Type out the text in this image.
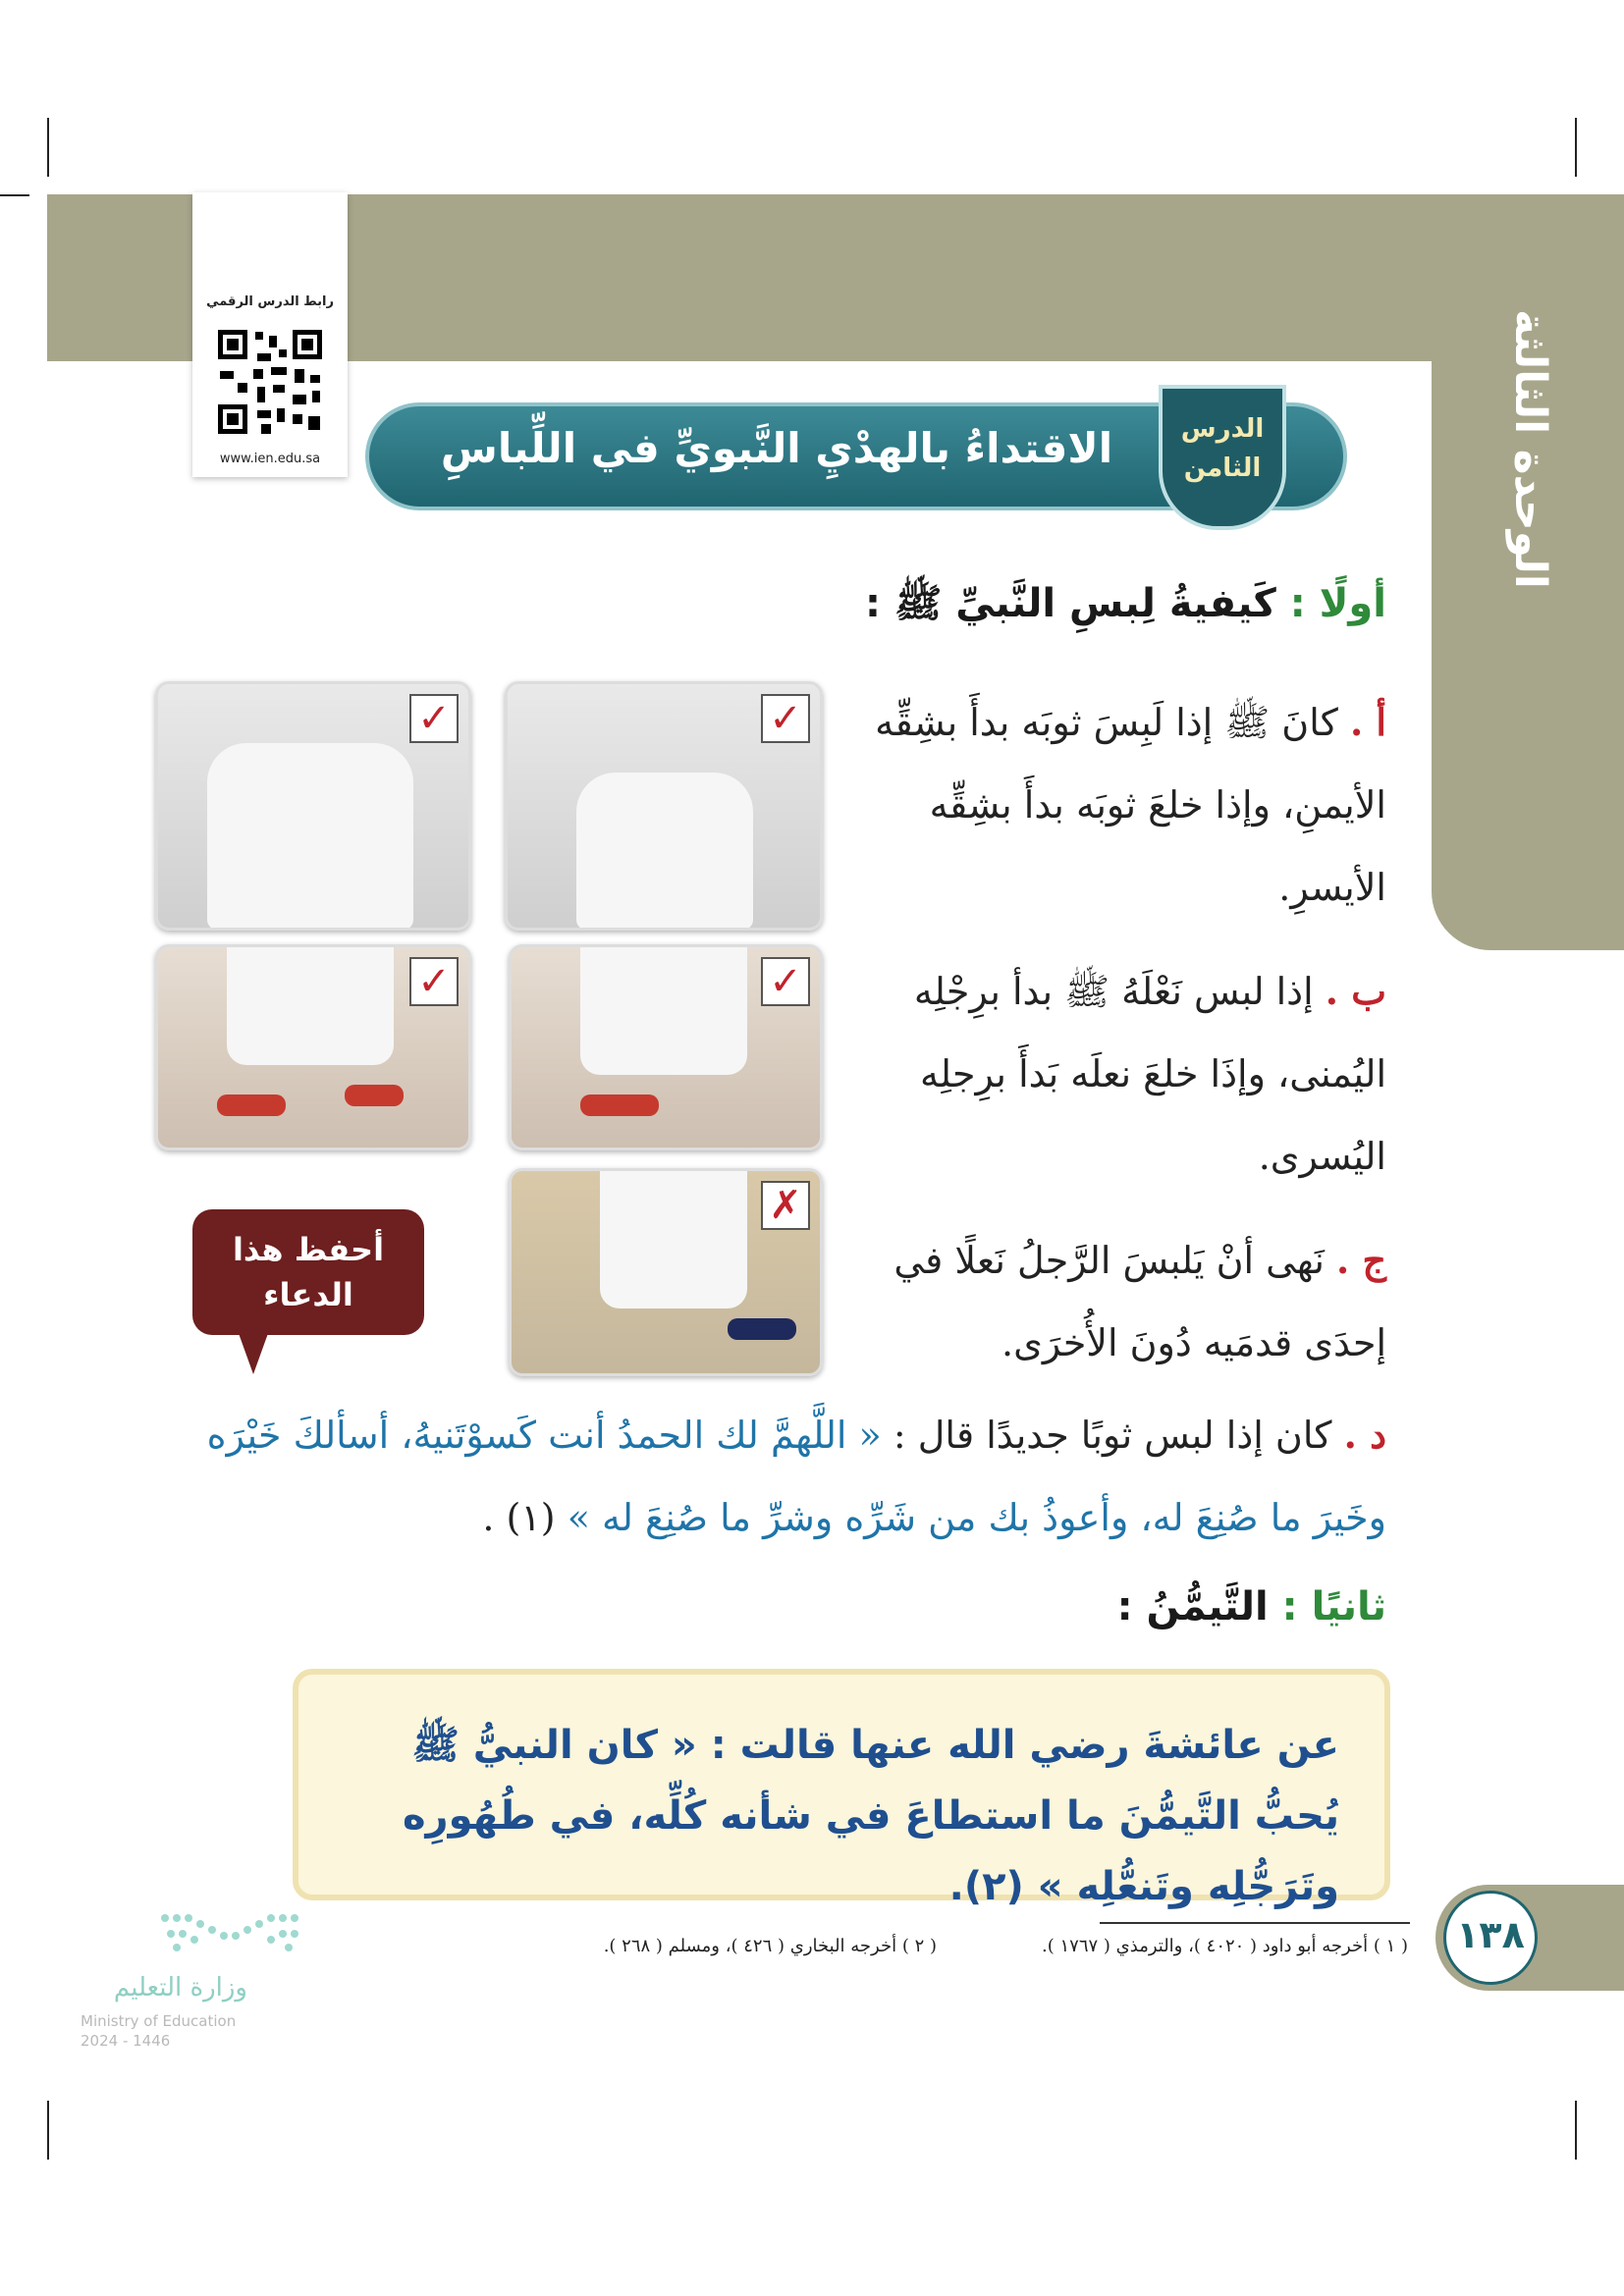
الوحدة الثالثة
رابط الدرس الرقمي
www.ien.edu.sa	الاقتداءُ بالهدْيِ النَّبويِّ في اللِّباسِ	الدرس
الثامن
أولًا : كَيفيةُ لِبسِ النَّبيِّ ﷺ :
أ . كانَ ﷺ إذا لَبِسَ ثوبَه بدأَ بشِقِّه الأيمنِ، وإذا خلعَ ثوبَه بدأَ بشِقِّه الأيسرِ.
ب . إذا لبس نَعْلَهُ ﷺ بدأ برِجْلِه اليُمنى، وإذَا خلعَ نعلَه بَدأَ برِجلِه اليُسرى.
ج . نَهى أنْ يَلبسَ الرَّجلُ نَعلًا في إحدَى قدمَيه دُونَ الأُخرَى.
✓
✓
✓
✓
✗
أحفظ هذا الدعاء
د . كان إذا لبس ثوبًا جديدًا قال : « اللَّهمَّ لك الحمدُ أنت كَسوْتَنيهُ، أسألكَ خَيْرَه وخَيرَ ما صُنِعَ له، وأعوذُ بك من شَرِّه وشرِّ ما صُنِعَ له » (١) .
ثانيًا : التَّيمُّنُ :
عن عائشةَ رضي الله عنها قالت : « كان النبيُّ ﷺ يُحبُّ التَّيمُّنَ ما استطاعَ في شأنه كُلِّه، في طُهُورِه وتَرَجُّلِه وتَنعُّلِه » (٢).
١٣٨
( ١ ) أخرجه أبو داود ( ٤٠٢٠ )، والترمذي ( ١٧٦٧ ).
( ٢ ) أخرجه البخاري ( ٤٢٦ )، ومسلم ( ٢٦٨ ).
وزارة التعليم
Ministry of Education
2024 - 1446
